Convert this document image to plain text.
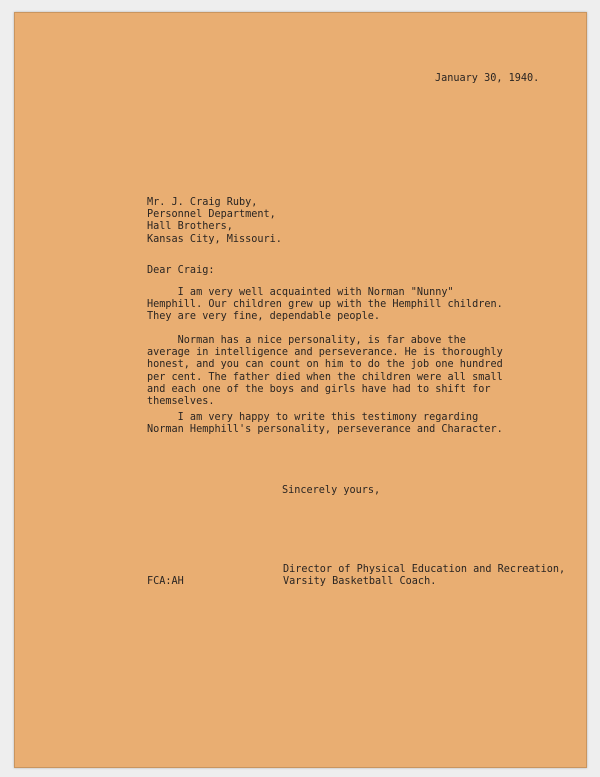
January 30, 1940.
Mr. J. Craig Ruby,
Personnel Department,
Hall Brothers,
Kansas City, Missouri.
Dear Craig:
I am very well acquainted with Norman "Nunny"
Hemphill. Our children grew up with the Hemphill children.
They are very fine, dependable people.
Norman has a nice personality, is far above the
average in intelligence and perseverance. He is thoroughly
honest, and you can count on him to do the job one hundred
per cent. The father died when the children were all small
and each one of the boys and girls have had to shift for
themselves.
I am very happy to write this testimony regarding
Norman Hemphill's personality, perseverance and Character.
Sincerely yours,
Director of Physical Education and Recreation,
Varsity Basketball Coach.
FCA:AH
